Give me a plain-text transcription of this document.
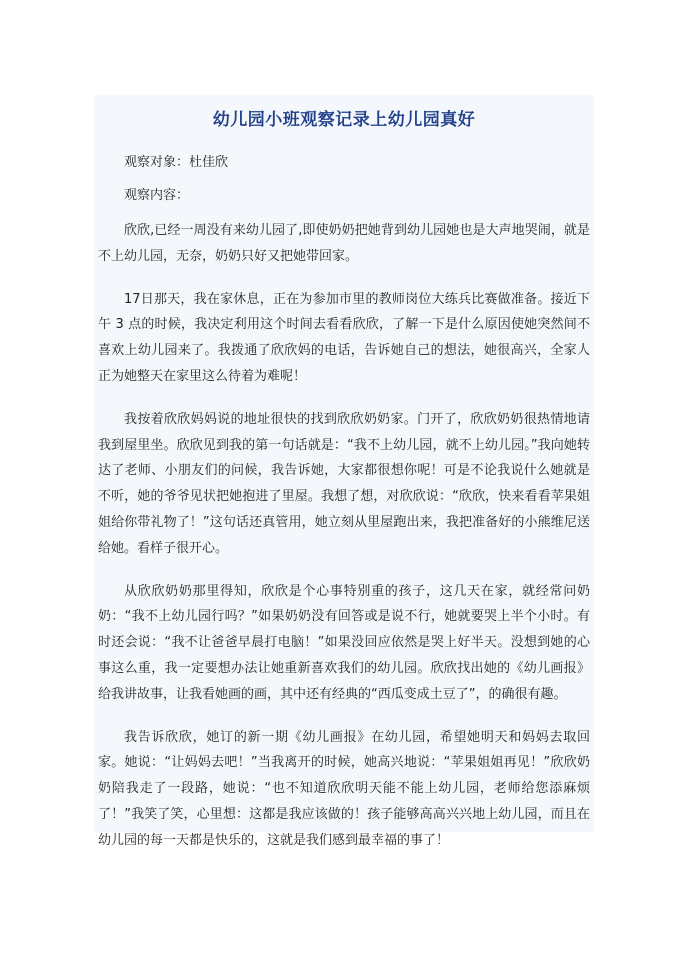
幼儿园小班观察记录上幼儿园真好

观察对象：杜佳欣

观察内容：

欣欣,已经一周没有来幼儿园了,即使奶奶把她背到幼儿园她也是大声地哭闹，就是不上幼儿园，无奈，奶奶只好又把她带回家。

17日那天，我在家休息，正在为参加市里的教师岗位大练兵比赛做准备。接近下午 3 点的时候，我决定利用这个时间去看看欣欣，了解一下是什么原因使她突然间不喜欢上幼儿园来了。我拨通了欣欣妈的电话，告诉她自己的想法，她很高兴，全家人正为她整天在家里这么待着为难呢！

我按着欣欣妈妈说的地址很快的找到欣欣奶奶家。门开了，欣欣奶奶很热情地请我到屋里坐。欣欣见到我的第一句话就是：“我不上幼儿园，就不上幼儿园。”我向她转达了老师、小朋友们的问候，我告诉她，大家都很想你呢！可是不论我说什么她就是不听，她的爷爷见状把她抱进了里屋。我想了想，对欣欣说：“欣欣，快来看看苹果姐姐给你带礼物了！”这句话还真管用，她立刻从里屋跑出来，我把准备好的小熊维尼送给她。看样子很开心。

从欣欣奶奶那里得知，欣欣是个心事特别重的孩子，这几天在家，就经常问奶奶：“我不上幼儿园行吗？”如果奶奶没有回答或是说不行，她就要哭上半个小时。有时还会说：“我不让爸爸早晨打电脑！”如果没回应依然是哭上好半天。没想到她的心事这么重，我一定要想办法让她重新喜欢我们的幼儿园。欣欣找出她的《幼儿画报》给我讲故事，让我看她画的画，其中还有经典的“西瓜变成土豆了”，的确很有趣。

我告诉欣欣，她订的新一期《幼儿画报》在幼儿园，希望她明天和妈妈去取回家。她说：“让妈妈去吧！”当我离开的时候，她高兴地说：“苹果姐姐再见！”欣欣奶奶陪我走了一段路，她说：“也不知道欣欣明天能不能上幼儿园，老师给您添麻烦了！”我笑了笑，心里想：这都是我应该做的！孩子能够高高兴兴地上幼儿园，而且在幼儿园的每一天都是快乐的，这就是我们感到最幸福的事了！
